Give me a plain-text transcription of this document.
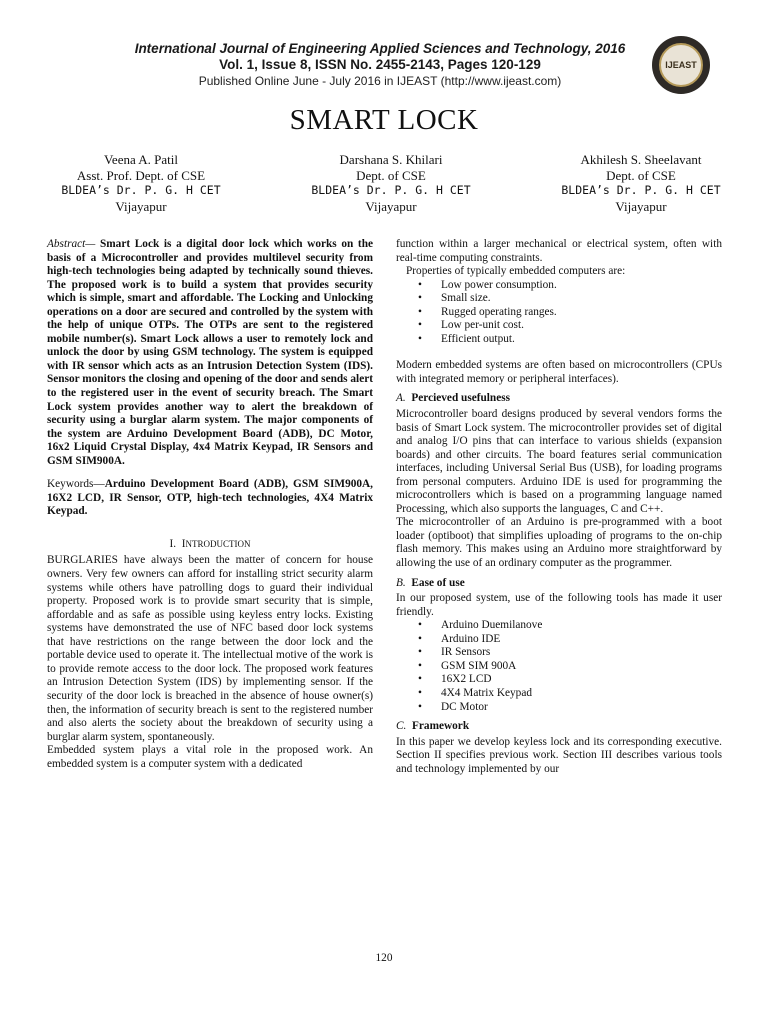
International Journal of Engineering Applied Sciences and Technology, 2016
Vol. 1, Issue 8, ISSN No. 2455-2143, Pages 120-129
Published Online June - July 2016 in IJEAST (http://www.ijeast.com)
IJEAST
SMART LOCK
Veena A. Patil
Asst. Prof. Dept. of CSE
BLDEA’s Dr. P. G. H CET
Vijayapur
Darshana S. Khilari
Dept. of CSE
BLDEA’s Dr. P. G. H CET
Vijayapur
Akhilesh S. Sheelavant
Dept. of CSE
BLDEA’s Dr. P. G. H CET
Vijayapur

Abstract— Smart Lock is a digital door lock which works on the basis of a Microcontroller and provides multilevel security from high-tech technologies being adapted by technically sound thieves. The proposed work is to build a system that provides security which is simple, smart and affordable. The Locking and Unlocking operations on a door are secured and controlled by the system with the help of unique OTPs. The OTPs are sent to the registered mobile number(s). Smart Lock allows a user to remotely lock and unlock the door by using GSM technology. The system is equipped with IR sensor which acts as an Intrusion Detection System (IDS). Sensor monitors the closing and opening of the door and sends alert to the registered user in the event of security breach. The Smart Lock system provides another way to alert the breakdown of security using a burglar alarm system. The major components of the system are Arduino Development Board (ADB), DC Motor, 16x2 Liquid Crystal Display, 4x4 Matrix Keypad, IR Sensors and GSM SIM900A.

Keywords—Arduino Development Board (ADB), GSM SIM900A, 16X2 LCD, IR Sensor, OTP, high-tech technologies, 4X4 Matrix Keypad.

I. INTRODUCTION

BURGLARIES have always been the matter of concern for house owners. Very few owners can afford for installing strict security alarm systems while others have patrolling dogs to guard their individual property. Proposed work is to provide smart security that is simple, affordable and as safe as possible using keyless entry locks. Existing systems have demonstrated the use of NFC based door lock systems that have restrictions on the range between the door lock and the portable device used to operate it. The intellectual motive of the work is to provide remote access to the door lock. The proposed work features an Intrusion Detection System (IDS) by implementing sensor. If the security of the door lock is breached in the absence of house owner(s) then, the information of security breach is sent to the registered number and also alerts the society about the breakdown of security using a burglar alarm system, spontaneously.

Embedded system plays a vital role in the proposed work. An embedded system is a computer system with a dedicated

function within a larger mechanical or electrical system, often with real-time computing constraints.

Properties of typically embedded computers are:

• Low power consumption.
• Small size.
• Rugged operating ranges.
• Low per-unit cost.
• Efficient output.

Modern embedded systems are often based on microcontrollers (CPUs with integrated memory or peripheral interfaces).

A. Percieved usefulness

Microcontroller board designs produced by several vendors forms the basis of Smart Lock system. The microcontroller provides set of digital and analog I/O pins that can interface to various shields (expansion boards) and other circuits. The board features serial communication interfaces, including Universal Serial Bus (USB), for loading programs from personal computers. Arduino IDE is used for programming the microcontrollers which is based on a programming language named Processing, which also supports the languages, C and C++.

The microcontroller of an Arduino is pre-programmed with a boot loader (optiboot) that simplifies uploading of programs to the on-chip flash memory. This makes using an Arduino more straightforward by allowing the use of an ordinary computer as the programmer.

B. Ease of use

In our proposed system, use of the following tools has made it user friendly.

• Arduino Duemilanove
• Arduino IDE
• IR Sensors
• GSM SIM 900A
• 16X2 LCD
• 4X4 Matrix Keypad
• DC Motor
C. Framework

In this paper we develop keyless lock and its corresponding executive. Section II specifies previous work. Section III describes various tools and technology implemented by our

120
